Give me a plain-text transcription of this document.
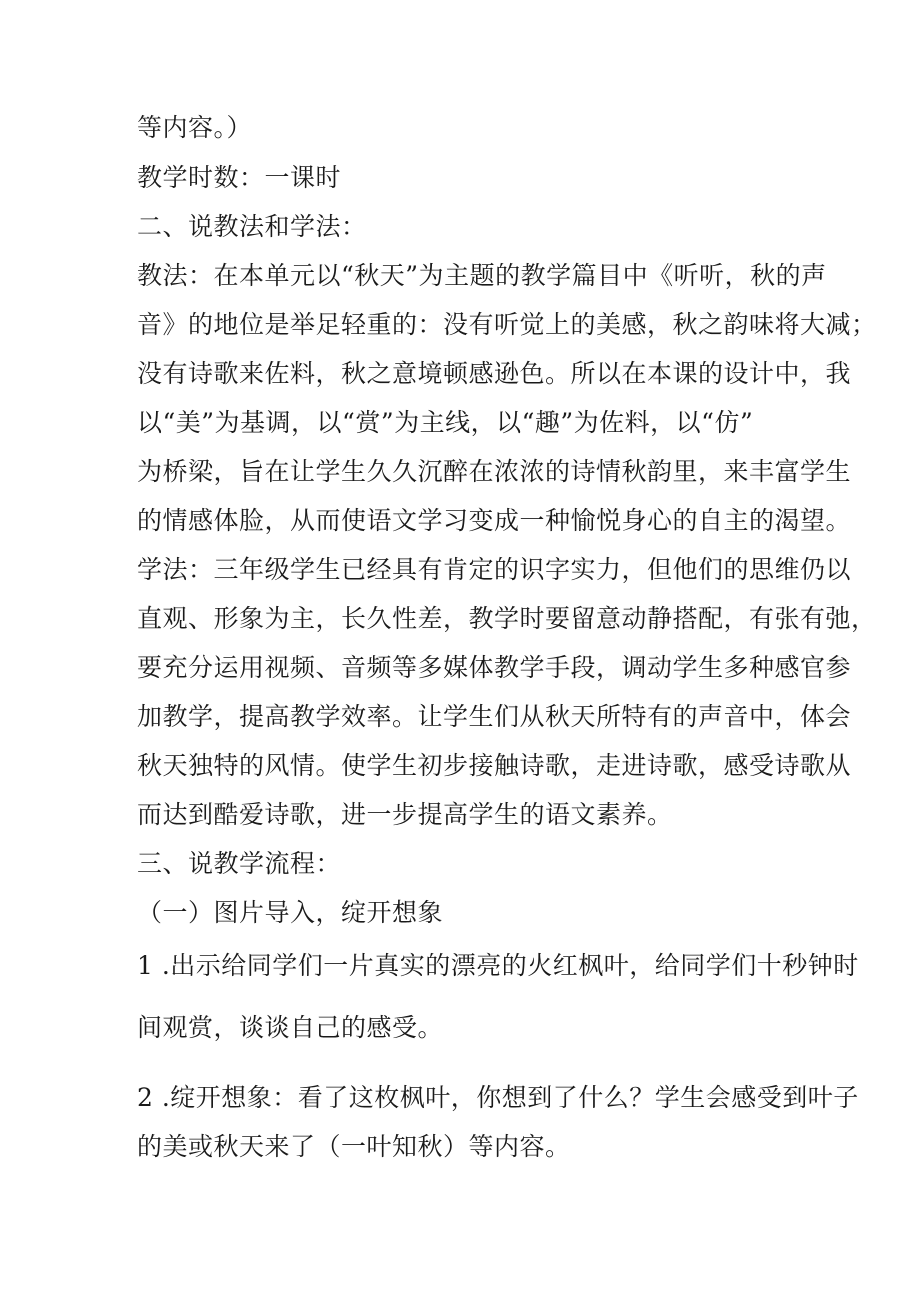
等内容。）
教学时数：一课时
二、说教法和学法：
教法：在本单元以“秋天”为主题的教学篇目中《听听，秋的声
音》的地位是举足轻重的：没有听觉上的美感，秋之韵味将大减；
没有诗歌来佐料，秋之意境顿感逊色。所以在本课的设计中，我
以“美”为基调，以“赏”为主线，以“趣”为佐料，以“仿”
为桥梁，旨在让学生久久沉醉在浓浓的诗情秋韵里，来丰富学生
的情感体脸，从而使语文学习变成一种愉悦身心的自主的渴望。
学法：三年级学生已经具有肯定的识字实力，但他们的思维仍以
直观、形象为主，长久性差，教学时要留意动静搭配，有张有弛，
要充分运用视频、音频等多媒体教学手段，调动学生多种感官参
加教学，提高教学效率。让学生们从秋天所特有的声音中，体会
秋天独特的风情。使学生初步接触诗歌，走进诗歌，感受诗歌从
而达到酷爱诗歌，进一步提高学生的语文素养。
三、说教学流程：
（一）图片导入，绽开想象
1 .出示给同学们一片真实的漂亮的火红枫叶，给同学们十秒钟时
间观赏，谈谈自己的感受。
2 .绽开想象：看了这枚枫叶，你想到了什么？学生会感受到叶子
的美或秋天来了（一叶知秋）等内容。
